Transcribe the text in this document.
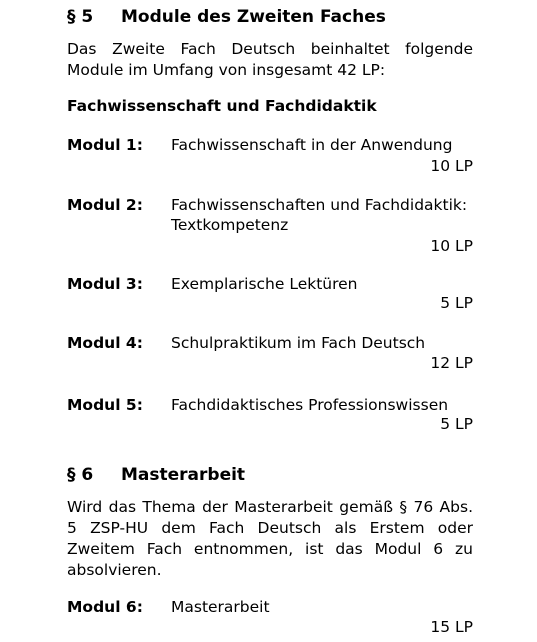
§ 5 Module des Zweiten Faches
Das Zweite Fach Deutsch beinhaltet folgende
Module im Umfang von insgesamt 42 LP:
Fachwissenschaft und Fachdidaktik
Modul 1: Fachwissenschaft in der Anwendung
10 LP
Modul 2: Fachwissenschaften und Fachdidaktik:
Textkompetenz
10 LP
Modul 3: Exemplarische Lektüren
5 LP
Modul 4: Schulpraktikum im Fach Deutsch
12 LP
Modul 5: Fachdidaktisches Professionswissen
5 LP
§ 6 Masterarbeit
Wird das Thema der Masterarbeit gemäß § 76 Abs.
5 ZSP-HU dem Fach Deutsch als Erstem oder
Zweitem Fach entnommen, ist das Modul 6 zu
absolvieren.
Modul 6: Masterarbeit
15 LP
